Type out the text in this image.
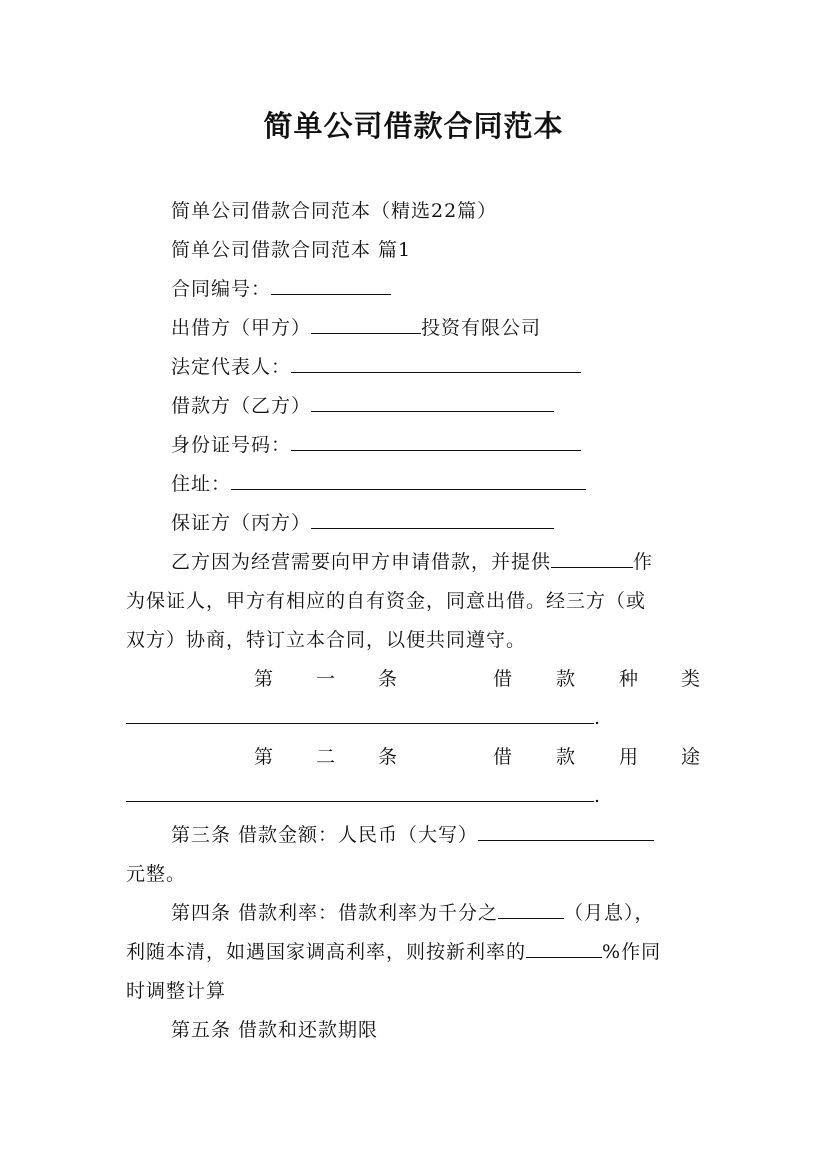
简单公司借款合同范本
简单公司借款合同范本（精选22篇）
简单公司借款合同范本 篇1
合同编号：
出借方（甲方）	投资有限公司
法定代表人：
借款方（乙方）
身份证号码：
住址：
保证方（丙方）
乙方因为经营需要向甲方申请借款，并提供	作
为保证人，甲方有相应的自有资金，同意出借。经三方（或
双方）协商，特订立本合同，以便共同遵守。
第 一 条	借 款 种 类
.
第 二 条	借 款 用 途
.
第三条 借款金额：人民币（大写）
元整。
第四条 借款利率：借款利率为千分之	（月息），
利随本清，如遇国家调高利率，则按新利率的	%作同
时调整计算
第五条 借款和还款期限
